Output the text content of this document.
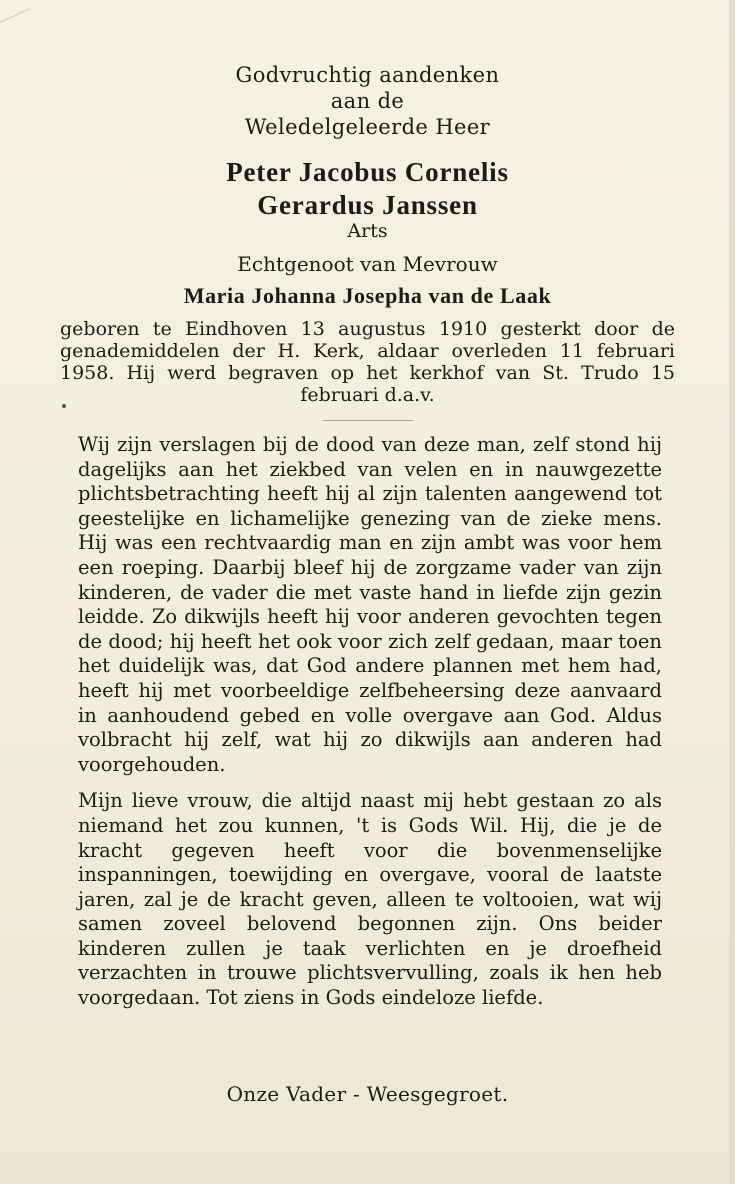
Godvruchtig aandenken
aan de
Weledelgeleerde Heer
Peter Jacobus Cornelis
Gerardus Janssen
Arts
Echtgenoot van Mevrouw
Maria Johanna Josepha van de Laak
geboren te Eindhoven 13 augustus 1910 gesterkt door de genademiddelen der H. Kerk, aldaar overleden 11 februari 1958. Hij werd begraven op het kerkhof van St. Trudo 15 februari d.a.v.

Wij zijn verslagen bij de dood van deze man, zelf stond hij dagelijks aan het ziekbed van velen en in nauwgezette plichtsbetrachting heeft hij al zijn talenten aangewend tot geestelijke en lichamelijke genezing van de zieke mens. Hij was een rechtvaardig man en zijn ambt was voor hem een roeping. Daarbij bleef hij de zorgzame vader van zijn kinderen, de vader die met vaste hand in liefde zijn gezin leidde. Zo dikwijls heeft hij voor anderen gevochten tegen de dood; hij heeft het ook voor zich zelf gedaan, maar toen het duidelijk was, dat God andere plannen met hem had, heeft hij met voorbeeldige zelfbeheersing deze aanvaard in aanhoudend gebed en volle overgave aan God. Aldus volbracht hij zelf, wat hij zo dikwijls aan anderen had voorgehouden.

Mijn lieve vrouw, die altijd naast mij hebt gestaan zo als niemand het zou kunnen, 't is Gods Wil. Hij, die je de kracht gegeven heeft voor die bovenmenselijke inspanningen, toewijding en overgave, vooral de laatste jaren, zal je de kracht geven, alleen te voltooien, wat wij samen zoveel belovend begonnen zijn. Ons beider kinderen zullen je taak verlichten en je droefheid verzachten in trouwe plichtsvervulling, zoals ik hen heb voorgedaan. Tot ziens in Gods eindeloze liefde.

Onze Vader - Weesgegroet.
